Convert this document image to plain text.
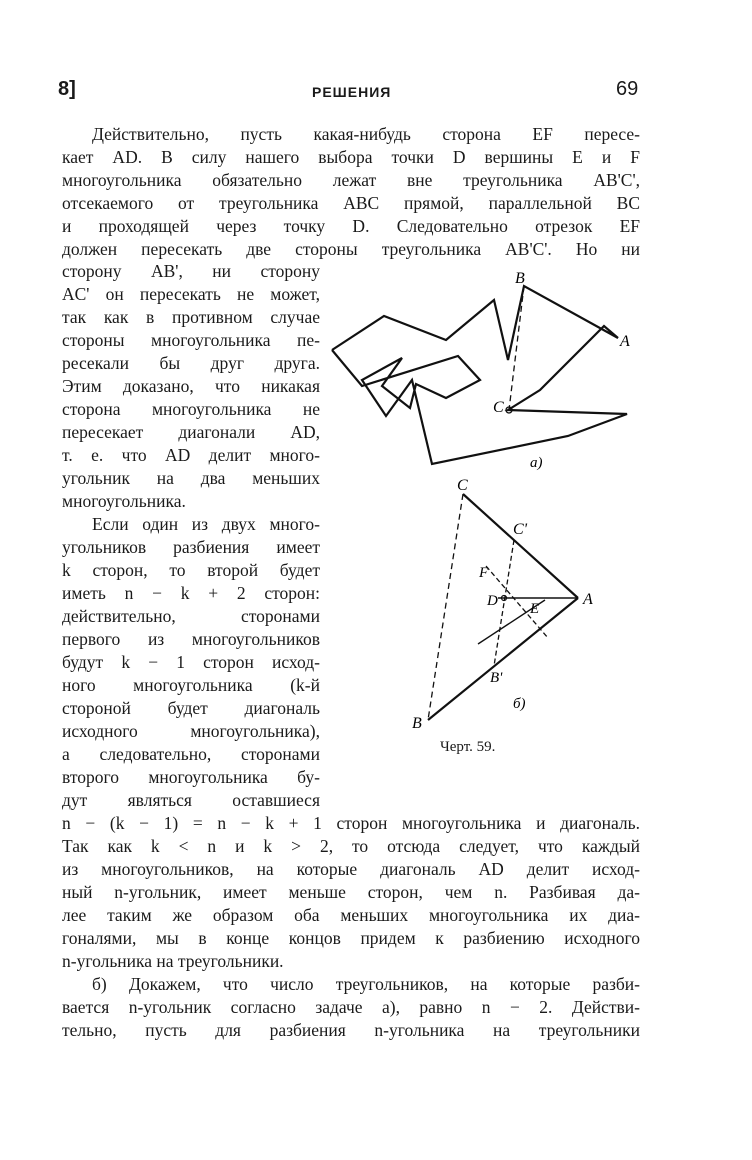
8]	РЕШЕНИЯ	69
Действительно, пусть какая-нибудь сторона EF пересе-
кает AD. В силу нашего выбора точки D вершины E и F
многоугольника обязательно лежат вне треугольника AB'C',
отсекаемого от треугольника ABC прямой, параллельной BC
и проходящей через точку D. Следовательно отрезок EF
должен пересекать две стороны треугольника AB'C'. Но ни
сторону AB', ни сторону
AC' он пересекать не может,
так как в противном случае
стороны многоугольника пе-
ресекали бы друг друга.
Этим доказано, что никакая
сторона многоугольника не
пересекает диагонали AD,
т. е. что AD делит много-
угольник на два меньших
многоугольника.
Если один из двух много-
угольников разбиения имеет
k сторон, то второй будет
иметь n − k + 2 сторон:
действительно, сторонами
первого из многоугольников
будут k − 1 сторон исход-
ного многоугольника (k-й
стороной будет диагональ
исходного многоугольника),
а следовательно, сторонами
второго многоугольника бу-
дут являться оставшиеся
n − (k − 1) = n − k + 1 сторон многоугольника и диагональ.
Так как k < n и k > 2, то отсюда следует, что каждый
из многоугольников, на которые диагональ AD делит исход-
ный n-угольник, имеет меньше сторон, чем n. Разбивая да-
лее таким же образом оба меньших многоугольника их диа-
гоналями, мы в конце концов придем к разбиению исходного
n-угольника на треугольники.
б) Докажем, что число треугольников, на которые разби-
вается n-угольник согласно задаче а), равно n − 2. Действи-
тельно, пусть для разбиения n-угольника на треугольники
B
A
C
а)
C
C'
F
D E
A
B'
B
б)
Черт. 59.
